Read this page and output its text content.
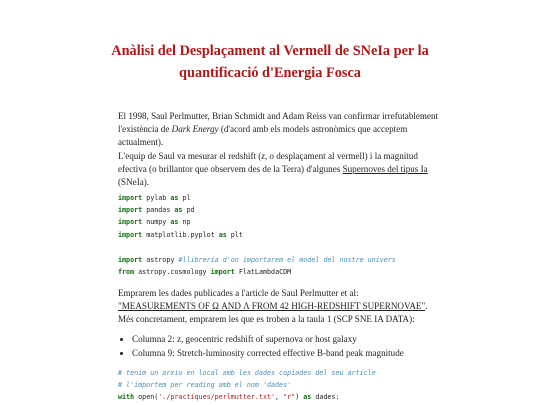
Anàlisi del Desplaçament al Vermell de SNeIa per la
quantificació d'Energia Fosca
El 1998, Saul Perlmutter, Brian Schmidt and Adam Reiss van confirmar irrefutablement l'existència de Dark Energy (d'acord amb els models astronòmics que acceptem actualment).
L'equip de Saul va mesurar el redshift (z, o desplaçament al vermell) i la magnitud efectiva (o brillantor que observem des de la Terra) d'algunes Supernoves del tipus Ia (SNeIa).
import pylab as pl
import pandas as pd
import numpy as np
import matplotlib.pyplot as plt
import astropy #llibreria d'on importarem el model del nostre univers
from astropy.cosmology import FlatLambdaCDM
Emprarem les dades publicades a l'article de Saul Perlmutter et al:
"MEASUREMENTS OF Ω AND Λ FROM 42 HIGH-REDSHIFT SUPERNOVAE".
Més concretament, emprarem les que es troben a la taula 1 (SCP SNE IA DATA):
• Columna 2: z, geocentric redshift of supernova or host galaxy
• Columna 9: Stretch-luminosity corrected effective B-band peak magnitude
# tenim un arxiu en local amb les dades copiades del seu article
# l'importem per reading amb el nom 'dades'
with open('./practiques/perlmutter.txt', "r") as dades:
